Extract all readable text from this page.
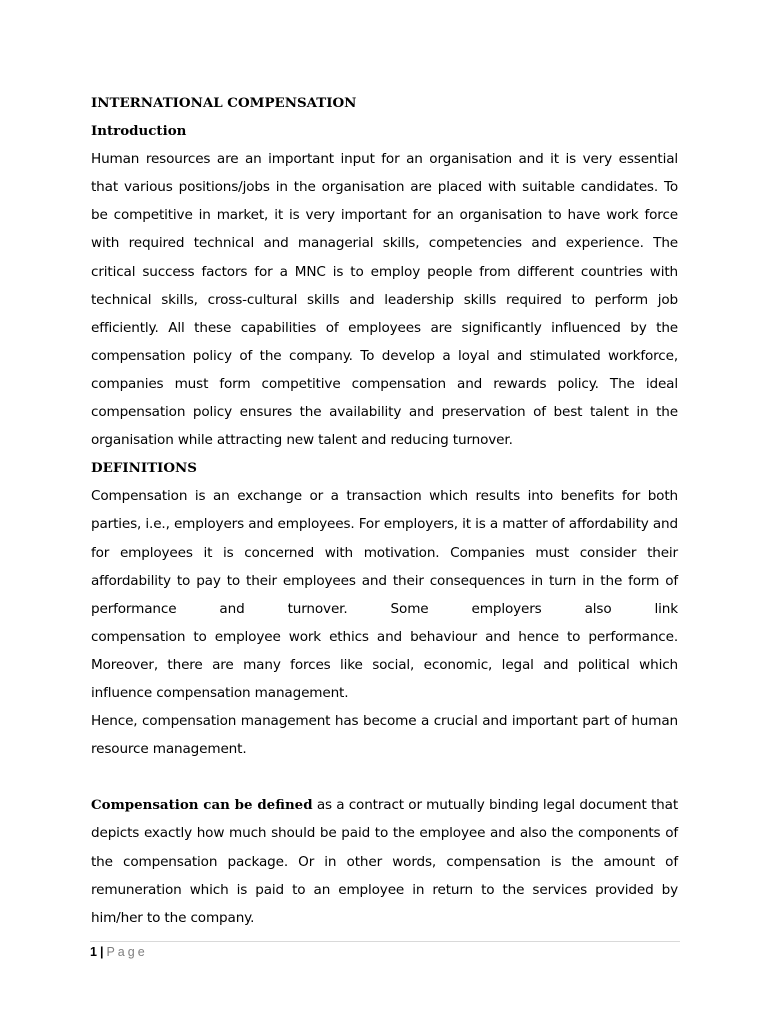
INTERNATIONAL COMPENSATION

Introduction

Human resources are an important input for an organisation and it is very essential that various positions/jobs in the organisation are placed with suitable candidates. To be competitive in market, it is very important for an organisation to have work force with required technical and managerial skills, competencies and experience. The critical success factors for a MNC is to employ people from different countries with technical skills, cross-cultural skills and leadership skills required to perform job efficiently. All these capabilities of employees are significantly influenced by the compensation policy of the company. To develop a loyal and stimulated workforce, companies must form competitive compensation and rewards policy. The ideal compensation policy ensures the availability and preservation of best talent in the organisation while attracting new talent and reducing turnover.

DEFINITIONS

Compensation is an exchange or a transaction which results into benefits for both parties, i.e., employers and employees. For employers, it is a matter of affordability and for employees it is concerned with motivation. Companies must consider their affordability to pay to their employees and their consequences in turn in the form of performance and turnover. Some employers also link

compensation to employee work ethics and behaviour and hence to performance. Moreover, there are many forces like social, economic, legal and political which influence compensation management.

Hence, compensation management has become a crucial and important part of human resource management.

Compensation can be defined as a contract or mutually binding legal document that depicts exactly how much should be paid to the employee and also the components of the compensation package. Or in other words, compensation is the amount of remuneration which is paid to an employee in return to the services provided by him/her to the company.

1 | Page
